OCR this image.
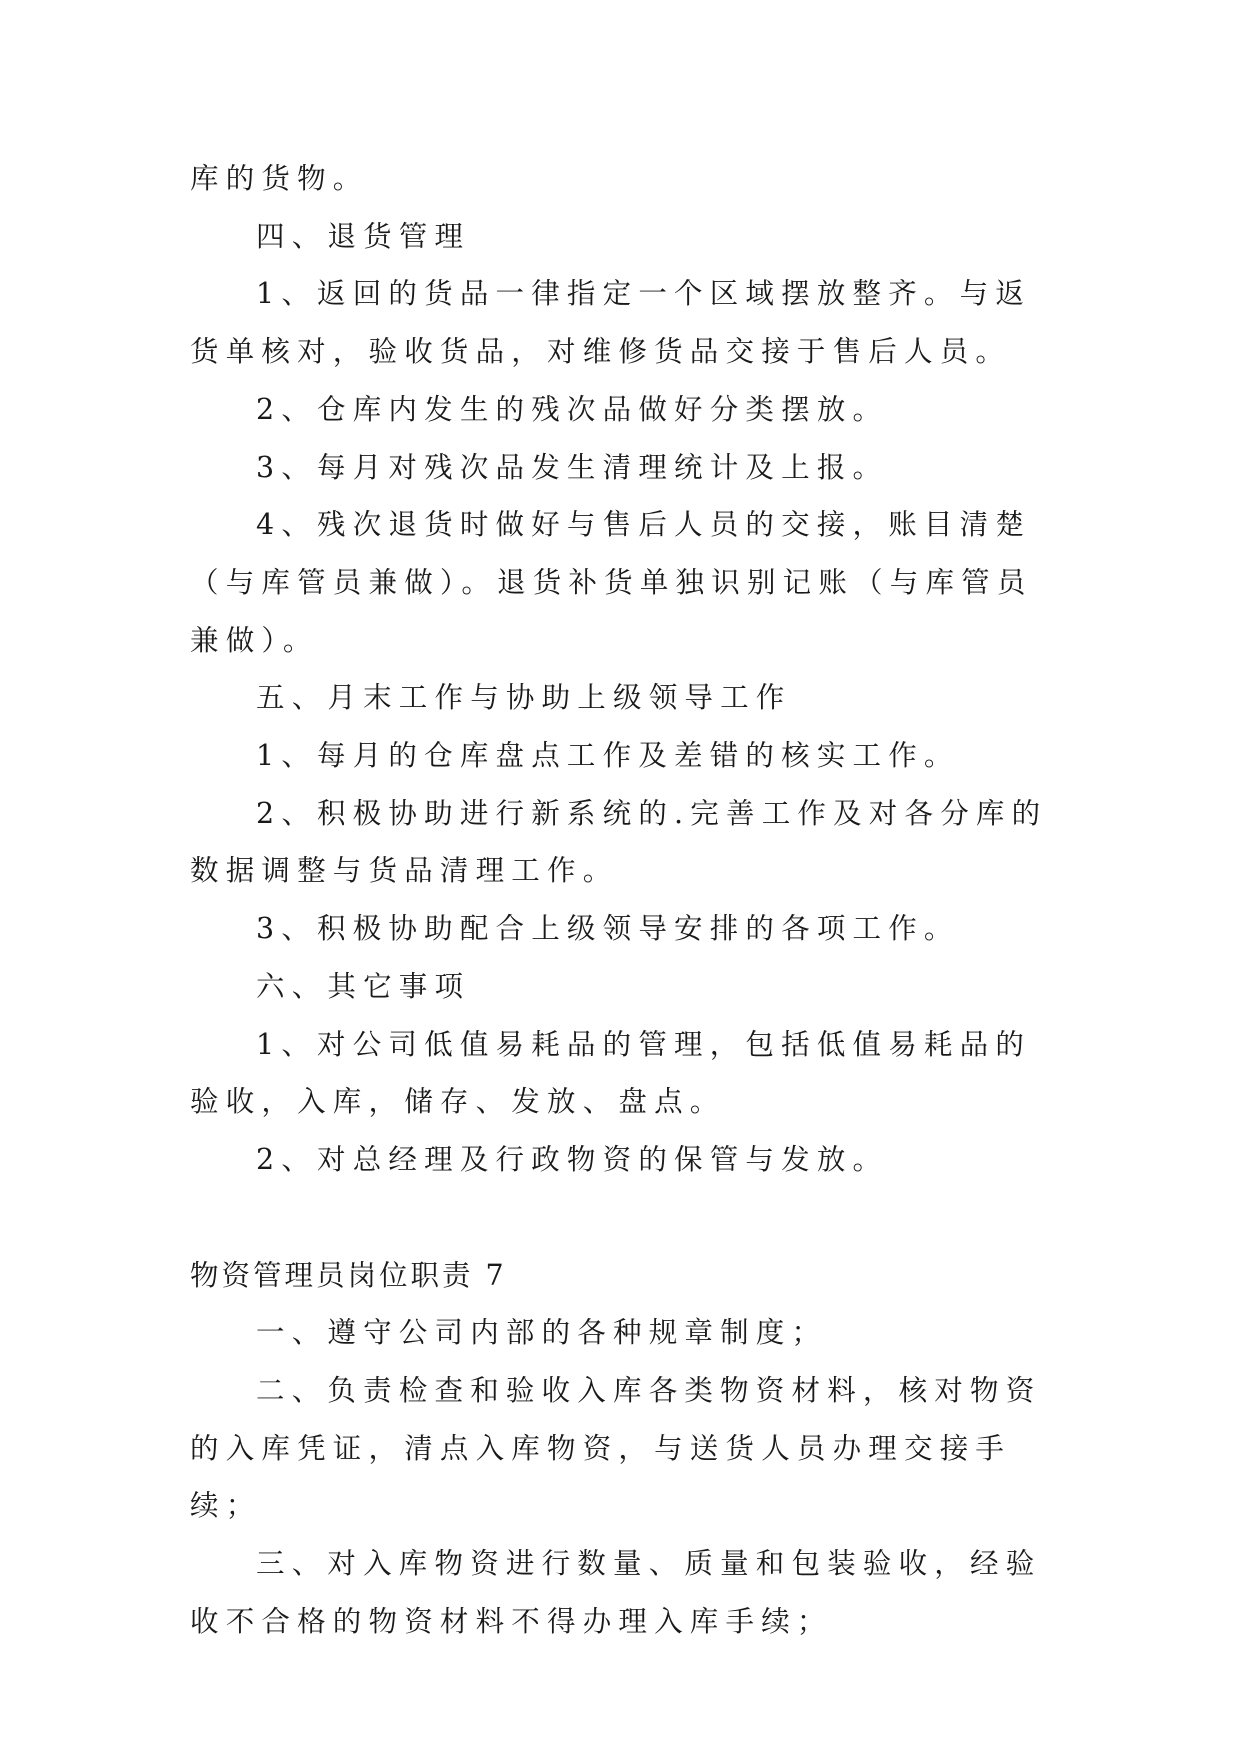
库的货物。

四、退货管理

1、返回的货品一律指定一个区域摆放整齐。与返货单核对，验收货品，对维修货品交接于售后人员。

2、仓库内发生的残次品做好分类摆放。

3、每月对残次品发生清理统计及上报。

4、残次退货时做好与售后人员的交接，账目清楚（与库管员兼做）。退货补货单独识别记账（与库管员兼做）。

五、月末工作与协助上级领导工作

1、每月的仓库盘点工作及差错的核实工作。

2、积极协助进行新系统的.完善工作及对各分库的数据调整与货品清理工作。

3、积极协助配合上级领导安排的各项工作。

六、其它事项

1、对公司低值易耗品的管理，包括低值易耗品的验收，入库，储存、发放、盘点。

2、对总经理及行政物资的保管与发放。

物资管理员岗位职责 7

一、遵守公司内部的各种规章制度；

二、负责检查和验收入库各类物资材料，核对物资的入库凭证，清点入库物资，与送货人员办理交接手续；

三、对入库物资进行数量、质量和包装验收，经验收不合格的物资材料不得办理入库手续；
